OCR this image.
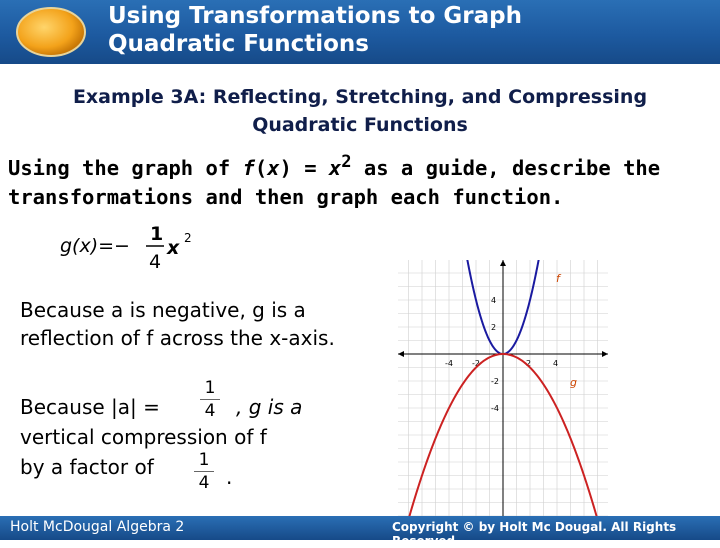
Using Transformations to Graph
Quadratic Functions
Example 3A: Reflecting, Stretching, and Compressing
Quadratic Functions

Using the graph of $f(x) = x^2$ as a guide, describe the transformations and then graph each function.

g(x)=−
1
4
x 2

Because a is negative, g is a reflection of f across the x-axis.

Because |a| =
1
4 , g is a
vertical compression of f
by a factor of	1
4 .
-4 -2	2	4
4
2
-2
-4
f
g
Holt McDougal Algebra 2	Copyright © by Holt Mc Dougal. All Rights Reserved.
